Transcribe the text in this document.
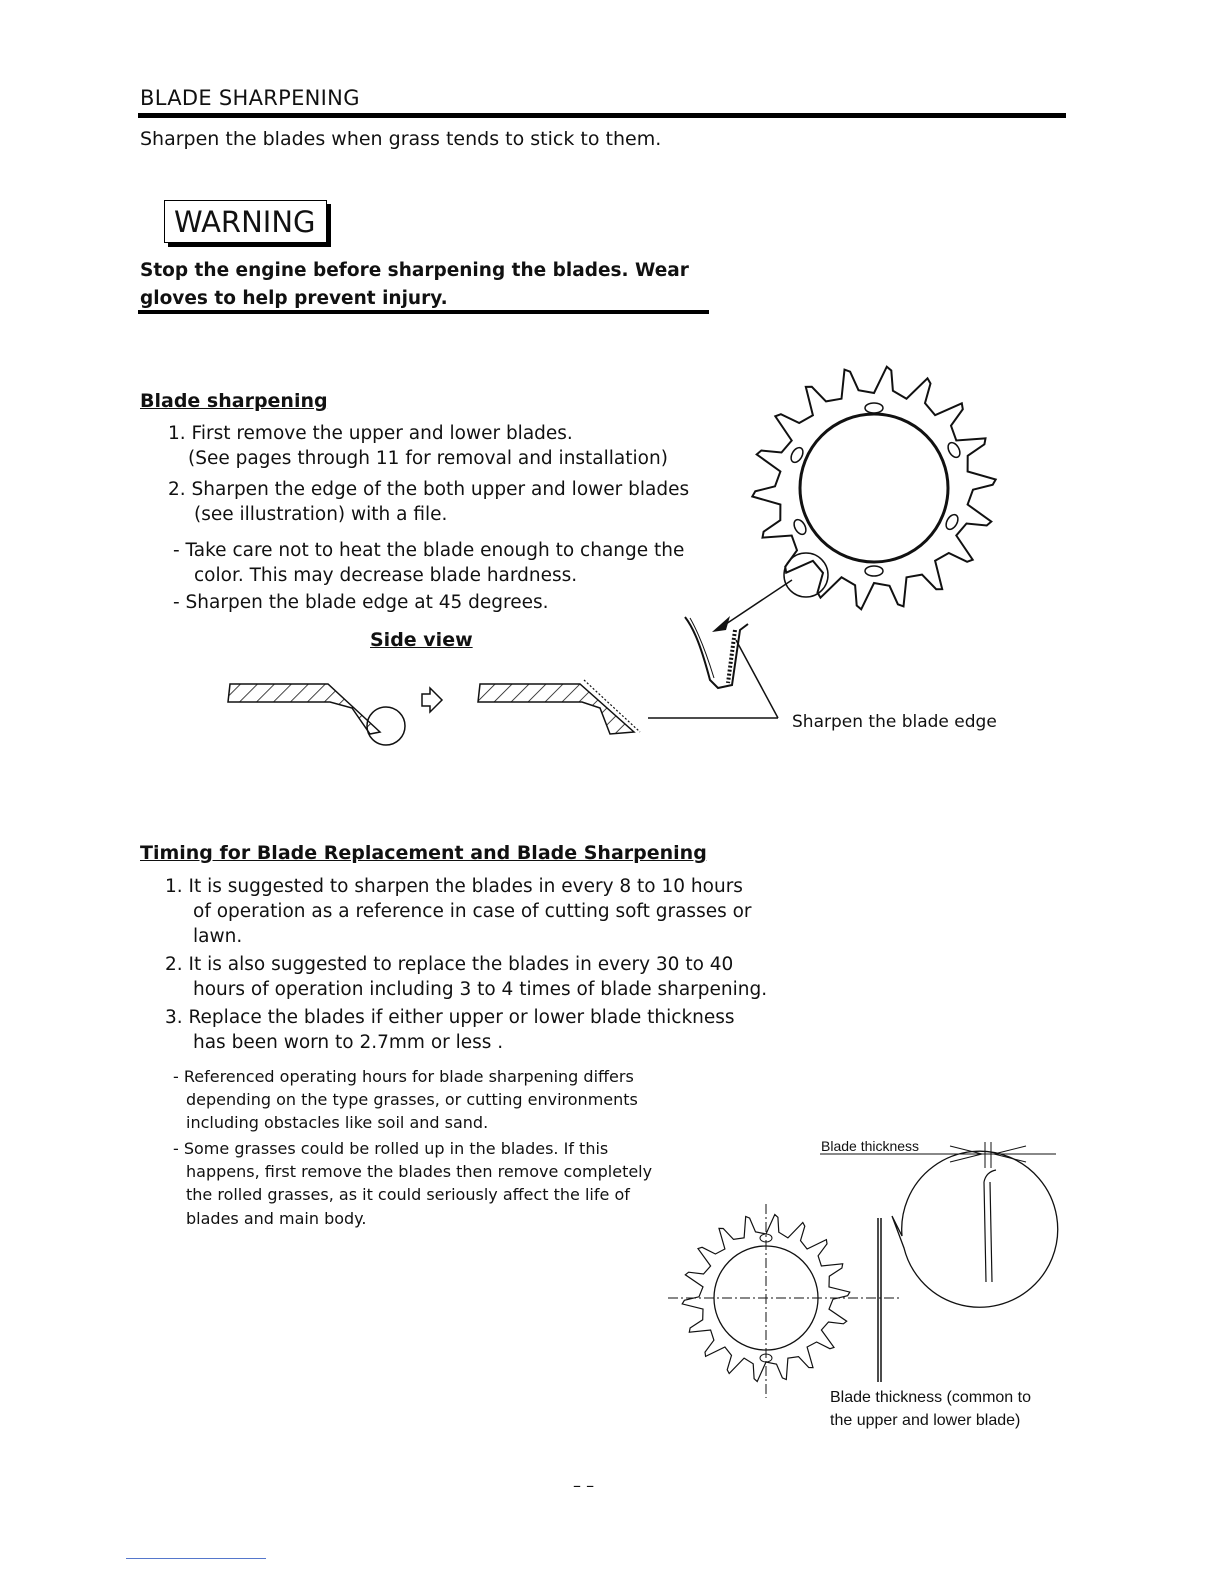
BLADE SHARPENING
Sharpen the blades when grass tends to stick to them.
WARNING
Stop the engine before sharpening the blades. Wear
gloves to help prevent injury.
Blade sharpening
1. First remove the upper and lower blades.
(See pages through 11 for removal and installation)
2. Sharpen the edge of the both upper and lower blades
(see illustration) with a file.
- Take care not to heat the blade enough to change the
color. This may decrease blade hardness.
- Sharpen the blade edge at 45 degrees.
Side view
Sharpen the blade edge
Timing for Blade Replacement and Blade Sharpening
1. It is suggested to sharpen the blades in every 8 to 10 hours
of operation as a reference in case of cutting soft grasses or
lawn.
2. It is also suggested to replace the blades in every 30 to 40
hours of operation including 3 to 4 times of blade sharpening.
3. Replace the blades if either upper or lower blade thickness
has been worn to 2.7mm or less .
- Referenced operating hours for blade sharpening differs
depending on the type grasses, or cutting environments
including obstacles like soil and sand.
- Some grasses could be rolled up in the blades. If this
happens, first remove the blades then remove completely
the rolled grasses, as it could seriously affect the life of
blades and main body.
Blade thickness
Blade thickness (common to
the upper and lower blade)
– –
